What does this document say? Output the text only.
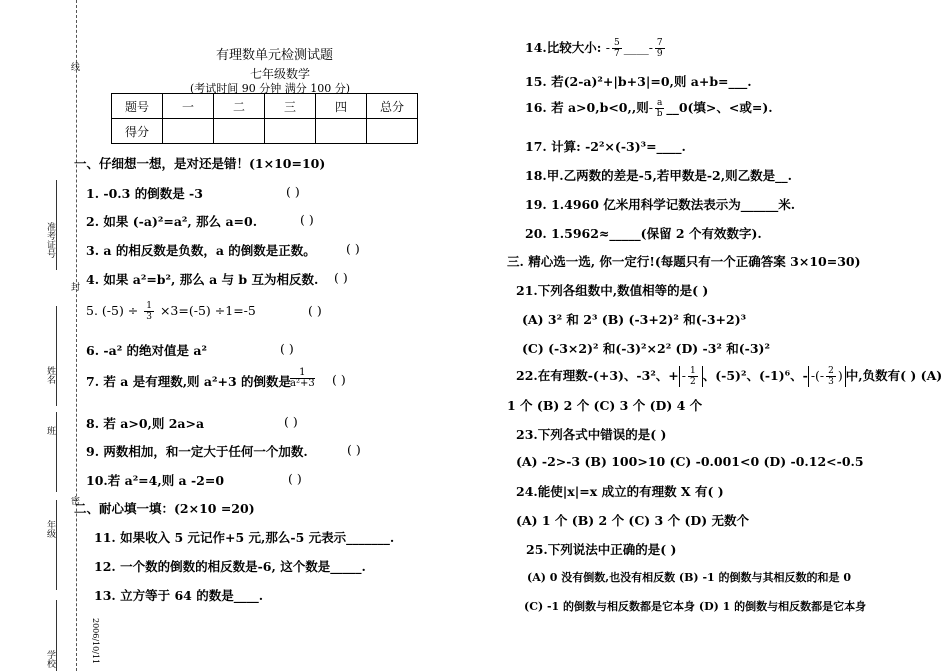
线
封
密
准考证号
姓名
班
年级
学校	2006/10/11
有理数单元检测试题
七年级数学
(考试时间 90 分钟 满分 100 分)
题号	一	二	三	四	总分
得分					
一、仔细想一想，是对还是错！(1×10=10)
1. -0.3 的倒数是 -3	( )
2. 如果 (-a)²=a², 那么 a=0.	( )
3. a 的相反数是负数，a 的倒数是正数。 ( )
4. 如果 a²=b², 那么 a 与 b 互为相反数. ( )
5. $(-5) \div \frac{1}{3} \times 3=(-5) \div 1=-5$	( )
6. -a² 的绝对值是 a²	( )
7. 若 a 是有理数,则 a²+3 的倒数是
$\frac{1}{\text{a²+3}}$ ( )
8. 若 a>0,则 2a>a	( )
9. 两数相加，和一定大于任何一个加数.	( )
10.若 a²=4,则 a -2=0	( )
二、耐心填一填：(2×10 =20)
11. 如果收入 5 元记作+5 元,那么-5 元表示_______.
12. 一个数的倒数的相反数是-6, 这个数是_____.
13. 立方等于 64 的数是____.
14.比较大小: - $\frac{5}{7}$ ____- $\frac{7}{9}$
15. 若(2-a)²+|b+3|=0,则 a+b=___.
16. 若 a>0,b<0,,则- $\frac{a}{b}$ __0(填>、<或=).
17. 计算: -2²×(-3)³=____.
18.甲.乙两数的差是-5,若甲数是-2,则乙数是__.
19. 1.4960 亿米用科学记数法表示为______米.
20. 1.5962≈_____(保留 2 个有效数字).
三. 精心选一选, 你一定行!(每题只有一个正确答案 3×10=30)
21.下列各组数中,数值相等的是( )
(A) 3² 和 2³ (B) (-3+2)² 和(-3+2)³
(C) (-3×2)² 和(-3)²×2² (D) -3² 和(-3)²
22.在有理数-(+3)、-3²、+ - $\frac{1}{2}$ 、(-5)²、(-1)⁶、- -(- $\frac{2}{3}$ ) 中,负数有( ) (A)
1 个 (B) 2 个 (C) 3 个 (D) 4 个
23.下列各式中错误的是( )
(A) -2>-3 (B) 100>10 (C) -0.001<0 (D) -0.12<-0.5
24.能使|x|=x 成立的有理数 X 有( )
(A) 1 个 (B) 2 个 (C) 3 个 (D) 无数个
25.下列说法中正确的是( )
(A) 0 没有倒数,也没有相反数 (B) -1 的倒数与其相反数的和是 0
(C) -1 的倒数与相反数都是它本身 (D) 1 的倒数与相反数都是它本身
